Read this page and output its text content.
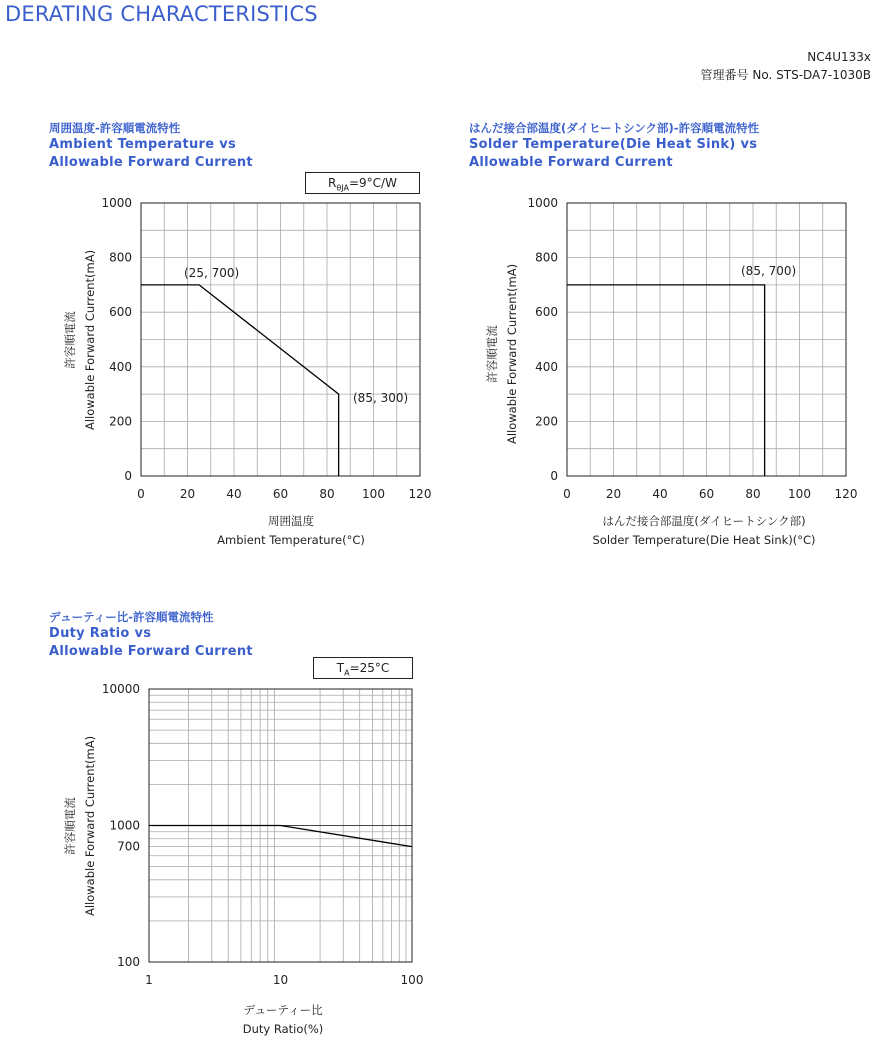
DERATING CHARACTERISTICS
NC4U133x
管理番号 No. STS-DA7-1030B
周囲温度-許容順電流特性
Ambient Temperature vs
Allowable Forward Current
はんだ接合部温度(ダイヒートシンク部)-許容順電流特性
Solder Temperature(Die Heat Sink) vs
Allowable Forward Current
デューティー比-許容順電流特性
Duty Ratio vs
Allowable Forward Current
$R_{\theta JA}=9^\circ C/W$
$T_A=25^\circ C$
0	20	40	60	80 100 120
0
200
400
600
800
1000
(25, 700)
(85, 300)
周囲温度
Ambient Temperature(°C)
許容順電流 Allowable Forward Current(mA)
0	20	40	60	80 100 120
0
200
400
600
800
1000
(85, 700)
はんだ接合部温度(ダイヒートシンク部)
Solder Temperature(Die Heat Sink)(°C)
許容順電流 Allowable Forward Current(mA)
1	10	100
100
700
1000
10000
デューティー比
Duty Ratio(%)
許容順電流 Allowable Forward Current(mA)
